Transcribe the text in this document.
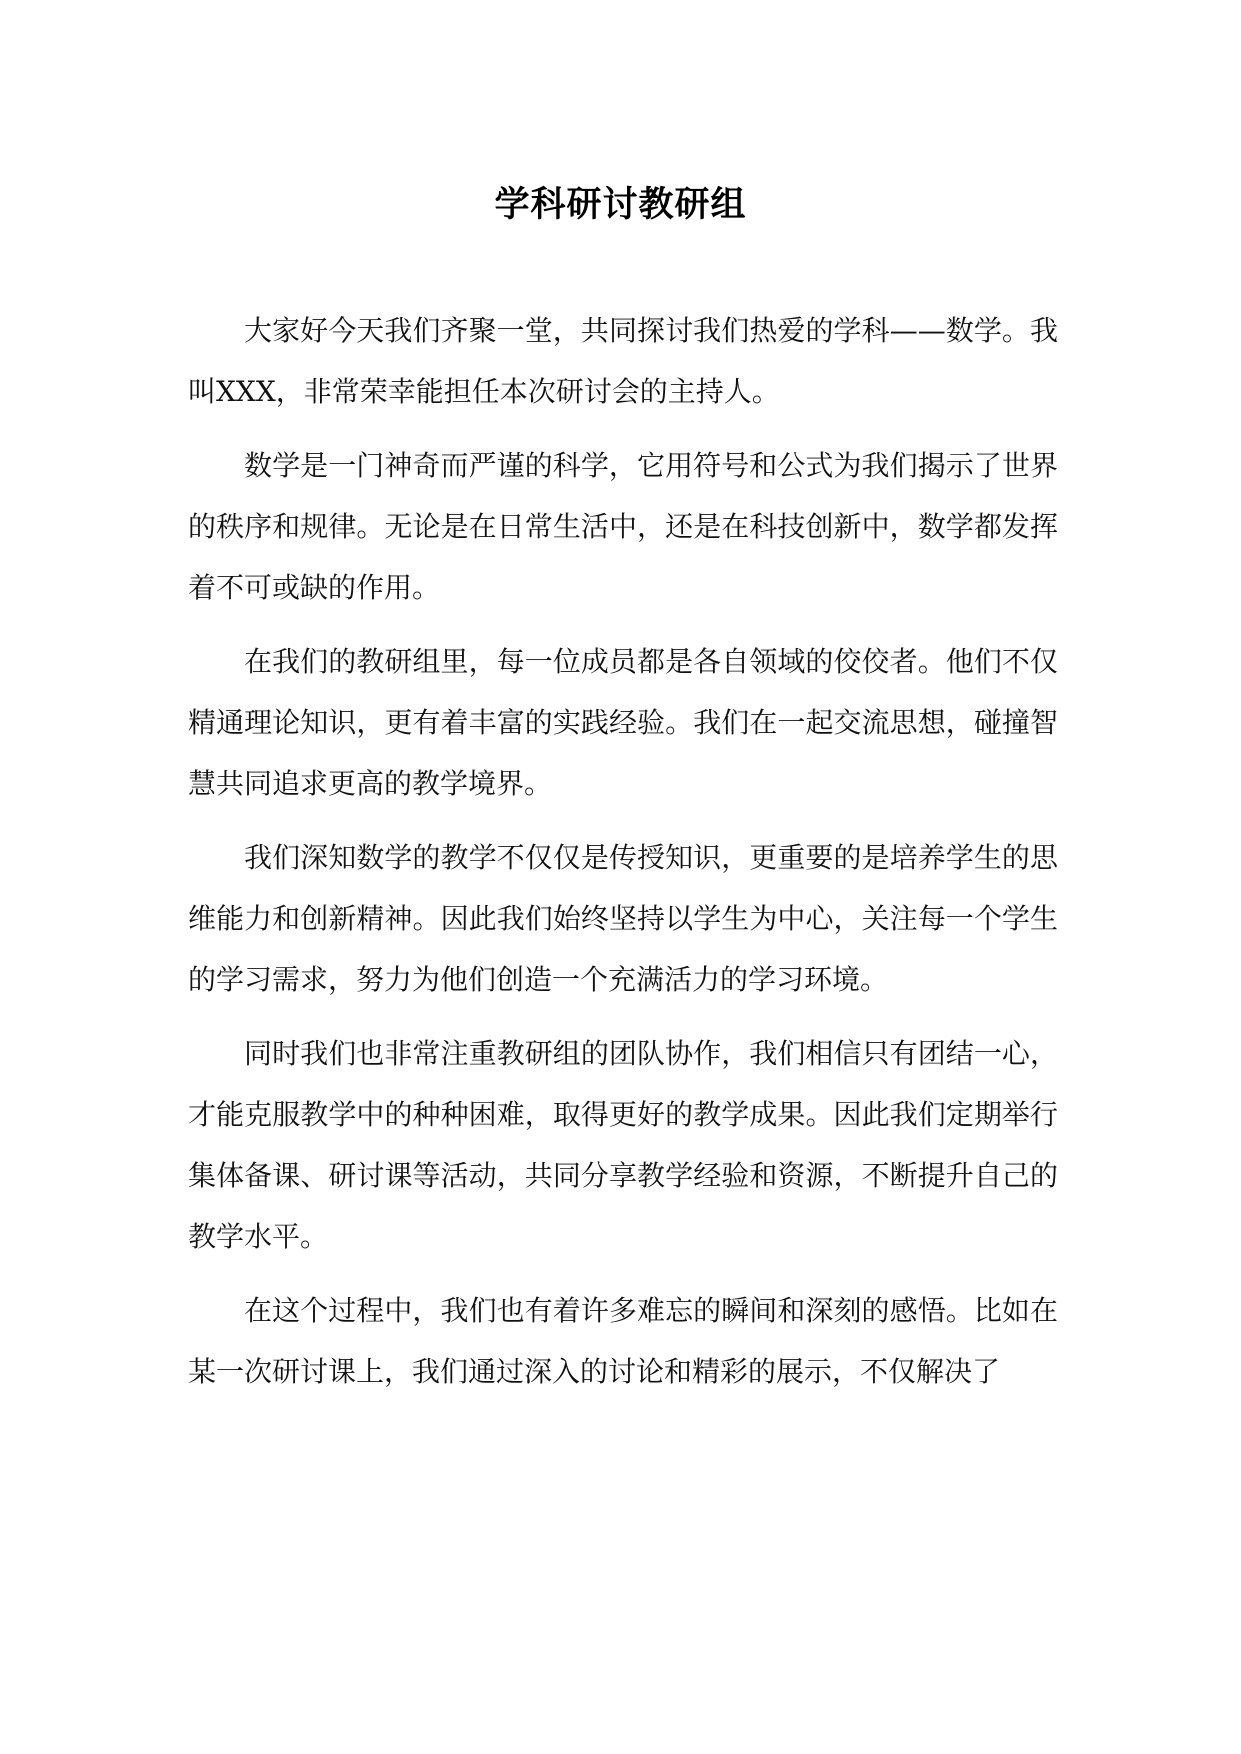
学科研讨教研组

大家好今天我们齐聚一堂，共同探讨我们热爱的学科——数学。我叫XXX，非常荣幸能担任本次研讨会的主持人。

数学是一门神奇而严谨的科学，它用符号和公式为我们揭示了世界的秩序和规律。无论是在日常生活中，还是在科技创新中，数学都发挥着不可或缺的作用。

在我们的教研组里，每一位成员都是各自领域的佼佼者。他们不仅精通理论知识，更有着丰富的实践经验。我们在一起交流思想，碰撞智慧共同追求更高的教学境界。

我们深知数学的教学不仅仅是传授知识，更重要的是培养学生的思维能力和创新精神。因此我们始终坚持以学生为中心，关注每一个学生的学习需求，努力为他们创造一个充满活力的学习环境。

同时我们也非常注重教研组的团队协作，我们相信只有团结一心，才能克服教学中的种种困难，取得更好的教学成果。因此我们定期举行集体备课、研讨课等活动，共同分享教学经验和资源，不断提升自己的教学水平。

在这个过程中，我们也有着许多难忘的瞬间和深刻的感悟。比如在某一次研讨课上，我们通过深入的讨论和精彩的展示，不仅解决了
